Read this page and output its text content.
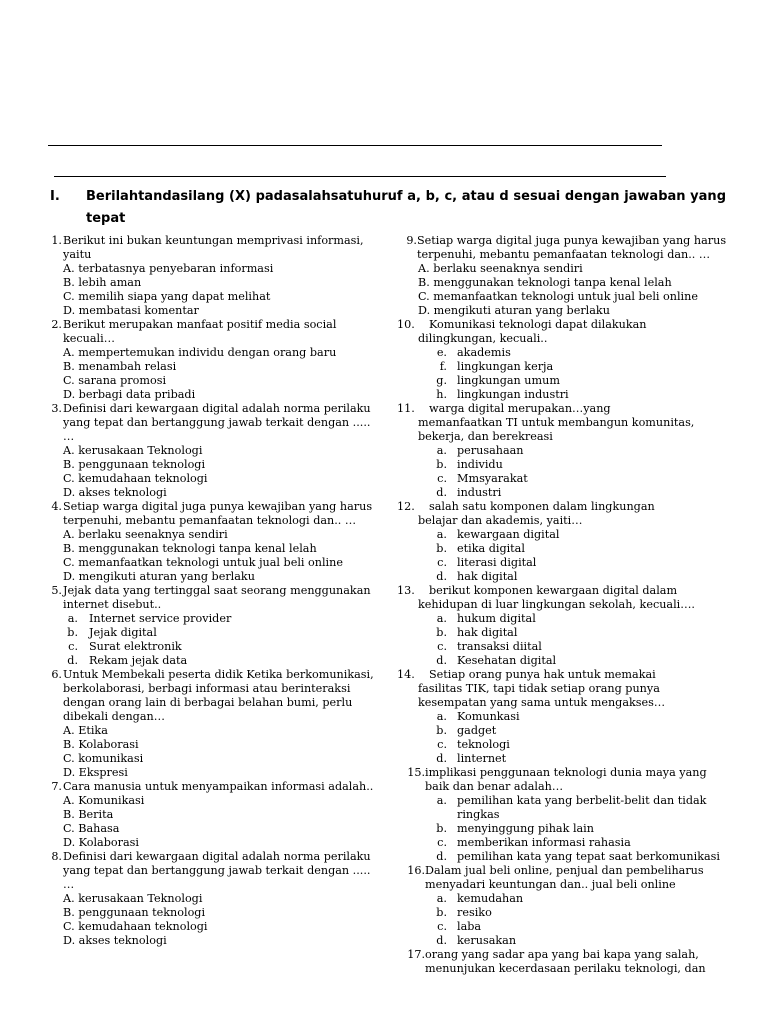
I. Berilahtandasilang (X) padasalahsatuhuruf a, b, c, atau d sesuai dengan jawaban yang tepat
1. Berikut ini bukan keuntungan memprivasi informasi, yaitu
A. terbatasnya penyebaran informasi
B. lebih aman
C. memilih siapa yang dapat melihat
D. membatasi komentar
2. Berikut merupakan manfaat positif media social kecuali…
A. mempertemukan individu dengan orang baru
B. menambah relasi
C. sarana promosi
D. berbagi data pribadi
3. Definisi dari kewargaan digital adalah norma perilaku yang tepat dan bertanggung jawab terkait dengan ..... …
A. kerusakaan Teknologi
B. penggunaan teknologi
C. kemudahaan teknologi
D. akses teknologi
4. Setiap warga digital juga punya kewajiban yang harus terpenuhi, mebantu pemanfaatan teknologi dan.. …
A. berlaku seenaknya sendiri
B. menggunakan teknologi tanpa kenal lelah
C. memanfaatkan teknologi untuk jual beli online
D. mengikuti aturan yang berlaku
5. Jejak data yang tertinggal saat seorang menggunakan internet disebut..
a. Internet service provider
b. Jejak digital
c. Surat elektronik
d. Rekam jejak data
6. Untuk Membekali peserta didik Ketika berkomunikasi, berkolaborasi, berbagi informasi atau berinteraksi dengan orang lain di berbagai belahan bumi, perlu dibekali dengan…
A. Etika
B. Kolaborasi
C. komunikasi
D. Ekspresi
7. Cara manusia untuk menyampaikan informasi adalah..
A. Komunikasi
B. Berita
C. Bahasa
D. Kolaborasi
8. Definisi dari kewargaan digital adalah norma perilaku yang tepat dan bertanggung jawab terkait dengan ..... …
A. kerusakaan Teknologi
B. penggunaan teknologi
C. kemudahaan teknologi
D. akses teknologi
9. Setiap warga digital juga punya kewajiban yang harus terpenuhi, mebantu pemanfaatan teknologi dan.. …
A. berlaku seenaknya sendiri
B. menggunakan teknologi tanpa kenal lelah
C. memanfaatkan teknologi untuk jual beli online
D. mengikuti aturan yang berlaku
10.	Komunikasi teknologi dapat dilakukan
dilingkungan, kecuali..
e. akademis
f. lingkungan kerja
g. lingkungan umum
h. lingkungan industri
11.	warga digital merupakan…yang
memanfaatkan TI untuk membangun komunitas, bekerja, dan berekreasi
a. perusahaan
b. individu
c. Mmsyarakat
d. industri
12.	salah satu komponen dalam lingkungan
belajar dan akademis, yaiti…
a. kewargaan digital
b. etika digital
c. literasi digital
d. hak digital
13.	berikut komponen kewargaan digital dalam
kehidupan di luar lingkungan sekolah, kecuali….
a. hukum digital
b. hak digital
c. transaksi diital
d. Kesehatan digital
14.	Setiap orang punya hak untuk memakai
fasilitas TIK, tapi tidak setiap orang punya kesempatan yang sama untuk mengakses…
a. Komunkasi
b. gadget
c. teknologi
d. linternet
15. implikasi penggunaan teknologi dunia maya yang baik dan benar adalah…
a. pemilihan kata yang berbelit-belit dan tidak ringkas
b. menyinggung pihak lain
c. memberikan informasi rahasia
d. pemilihan kata yang tepat saat berkomunikasi
16. Dalam jual beli online, penjual dan pembeliharus menyadari keuntungan dan.. jual beli online
a. kemudahan
b. resiko
c. laba
d. kerusakan
17. orang yang sadar apa yang bai kapa yang salah, menunjukan kecerdasaan perilaku teknologi, dan
